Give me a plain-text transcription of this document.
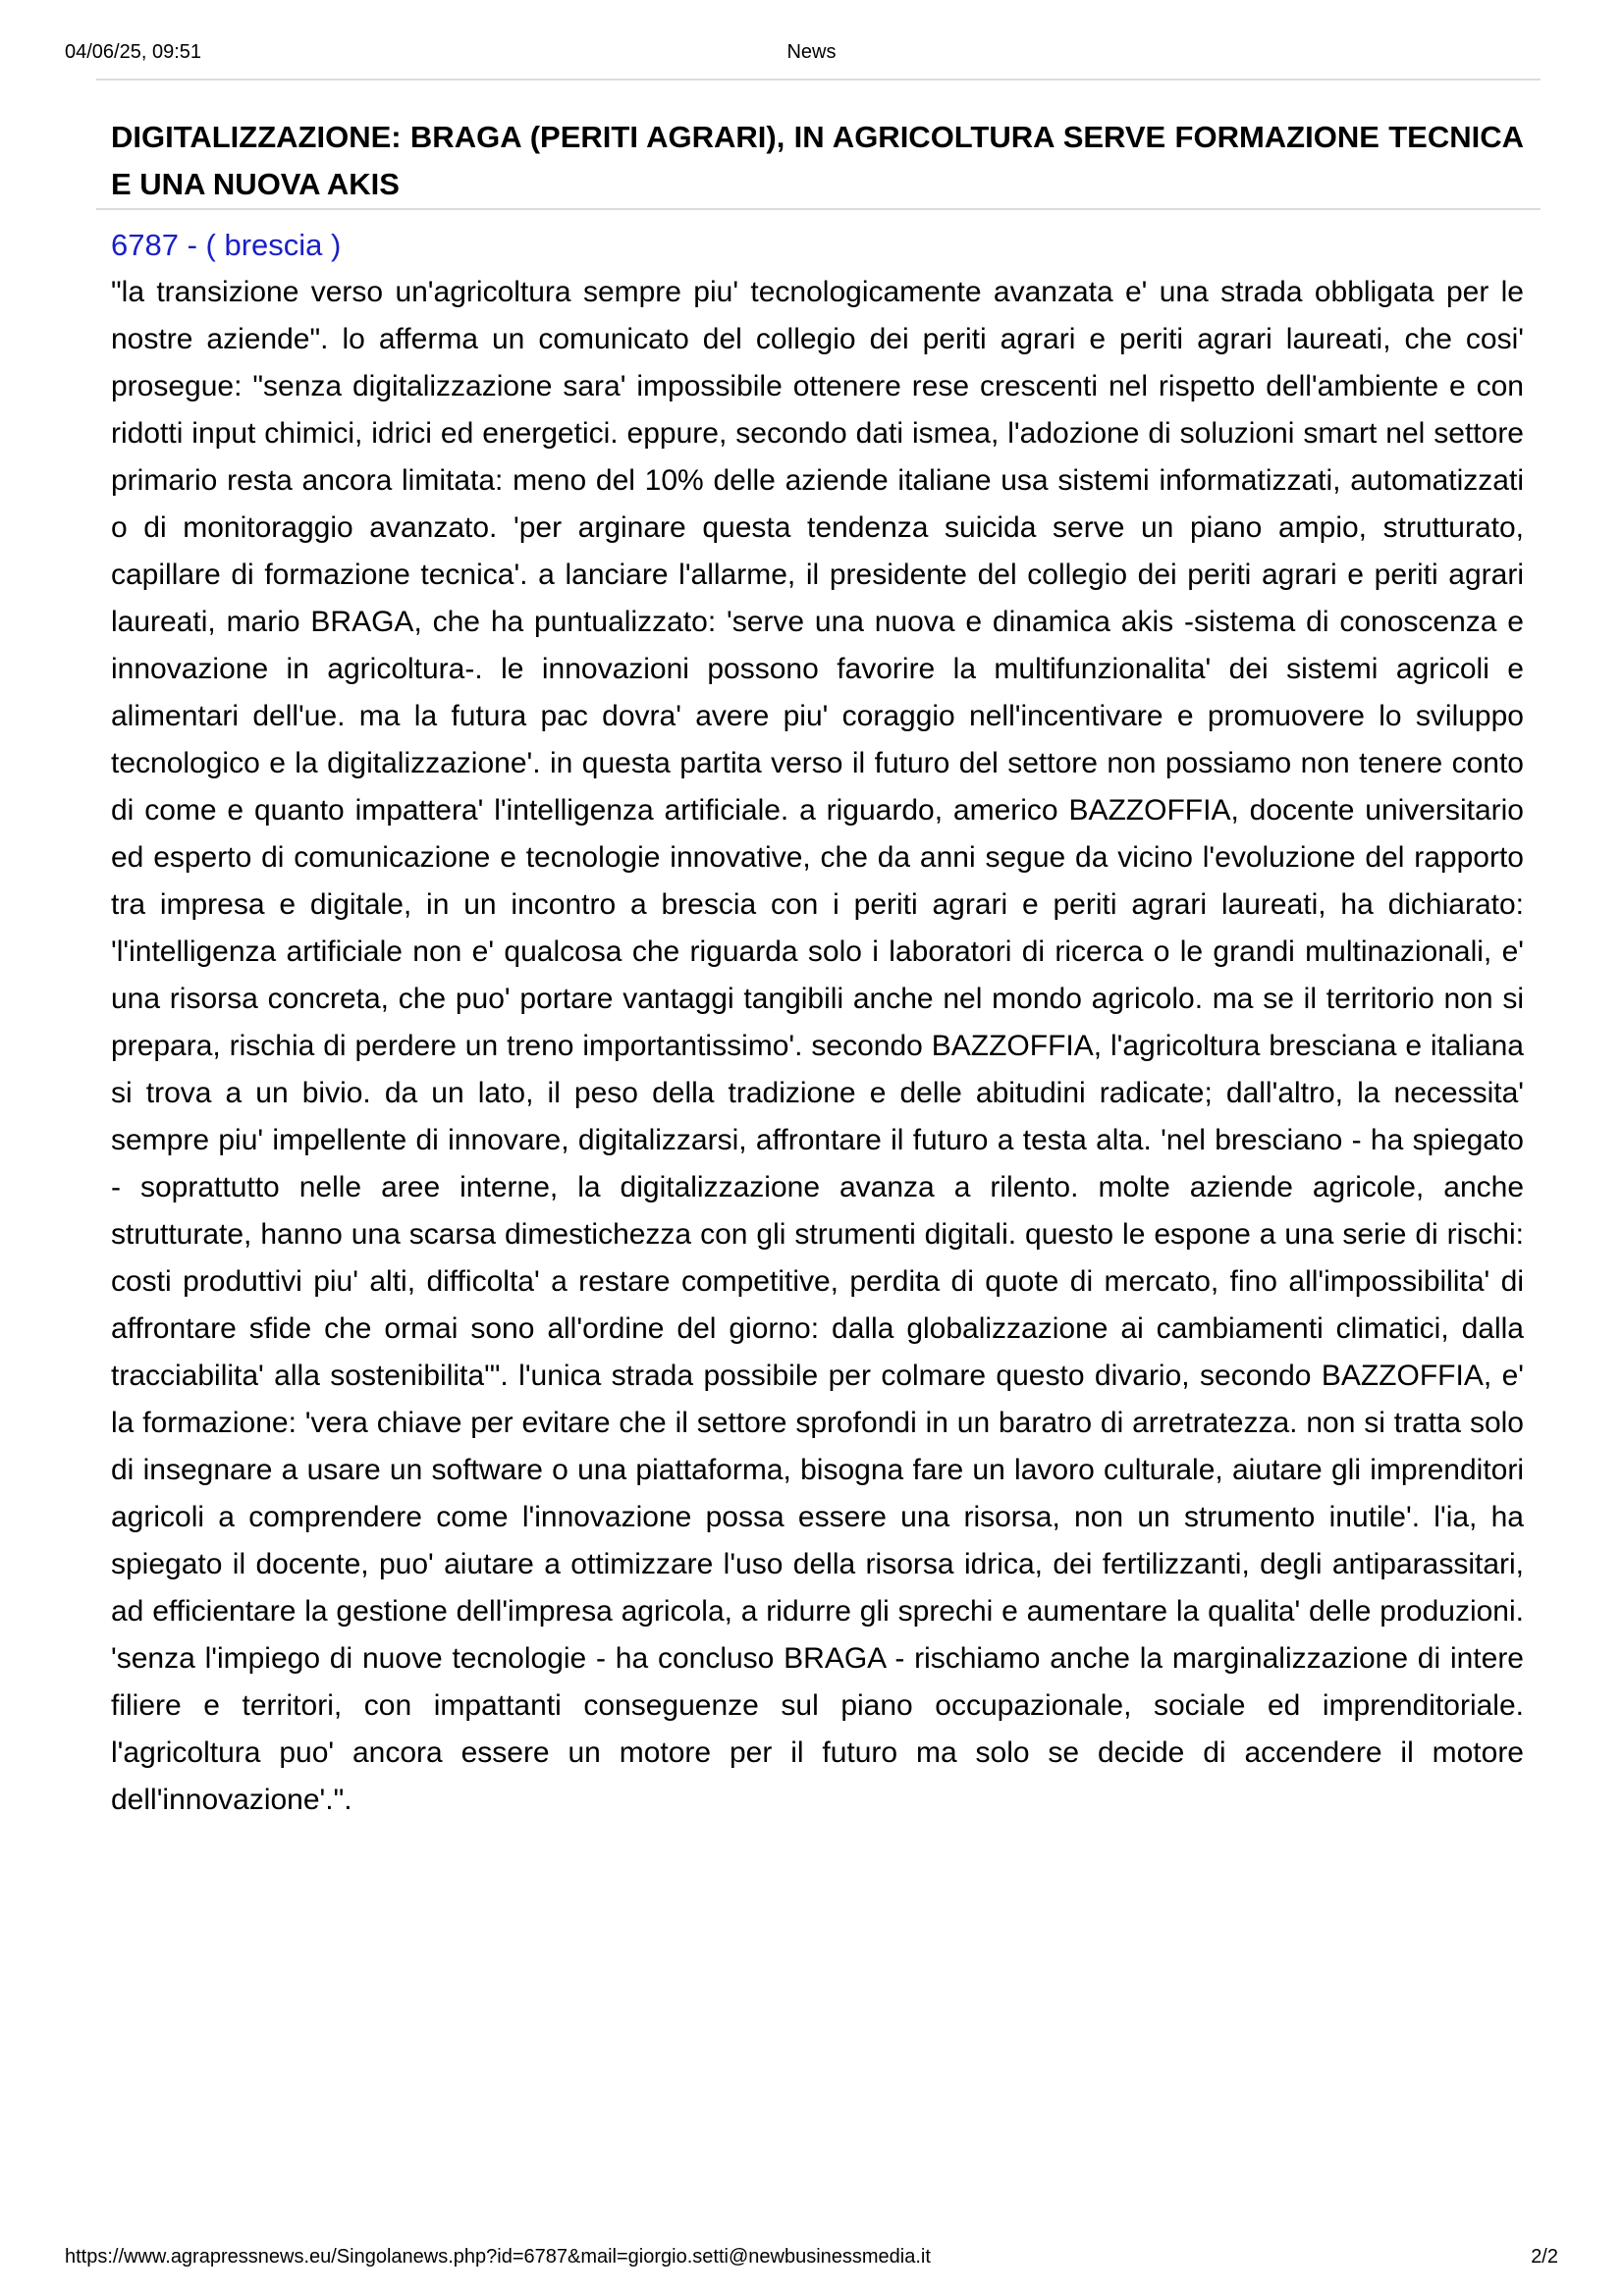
04/06/25, 09:51	News
DIGITALIZZAZIONE: BRAGA (PERITI AGRARI), IN AGRICOLTURA SERVE FORMAZIONE TECNICA E UNA NUOVA AKIS
6787 - ( brescia )

"la transizione verso un'agricoltura sempre piu' tecnologicamente avanzata e' una strada obbligata per le nostre aziende". lo afferma un comunicato del collegio dei periti agrari e periti agrari laureati, che cosi' prosegue: "senza digitalizzazione sara' impossibile ottenere rese crescenti nel rispetto dell'ambiente e con ridotti input chimici, idrici ed energetici. eppure, secondo dati ismea, l'adozione di soluzioni smart nel settore primario resta ancora limitata: meno del 10% delle aziende italiane usa sistemi informatizzati, automatizzati o di monitoraggio avanzato. 'per arginare questa tendenza suicida serve un piano ampio, strutturato, capillare di formazione tecnica'. a lanciare l'allarme, il presidente del collegio dei periti agrari e periti agrari laureati, mario BRAGA, che ha puntualizzato: 'serve una nuova e dinamica akis -sistema di conoscenza e innovazione in agricoltura-. le innovazioni possono favorire la multifunzionalita' dei sistemi agricoli e alimentari dell'ue. ma la futura pac dovra' avere piu' coraggio nell'incentivare e promuovere lo sviluppo tecnologico e la digitalizzazione'. in questa partita verso il futuro del settore non possiamo non tenere conto di come e quanto impattera' l'intelligenza artificiale. a riguardo, americo BAZZOFFIA, docente universitario ed esperto di comunicazione e tecnologie innovative, che da anni segue da vicino l'evoluzione del rapporto tra impresa e digitale, in un incontro a brescia con i periti agrari e periti agrari laureati, ha dichiarato: 'l'intelligenza artificiale non e' qualcosa che riguarda solo i laboratori di ricerca o le grandi multinazionali, e' una risorsa concreta, che puo' portare vantaggi tangibili anche nel mondo agricolo. ma se il territorio non si prepara, rischia di perdere un treno importantissimo'. secondo BAZZOFFIA, l'agricoltura bresciana e italiana si trova a un bivio. da un lato, il peso della tradizione e delle abitudini radicate; dall'altro, la necessita' sempre piu' impellente di innovare, digitalizzarsi, affrontare il futuro a testa alta. 'nel bresciano - ha spiegato - soprattutto nelle aree interne, la digitalizzazione avanza a rilento. molte aziende agricole, anche strutturate, hanno una scarsa dimestichezza con gli strumenti digitali. questo le espone a una serie di rischi: costi produttivi piu' alti, difficolta' a restare competitive, perdita di quote di mercato, fino all'impossibilita' di affrontare sfide che ormai sono all'ordine del giorno: dalla globalizzazione ai cambiamenti climatici, dalla tracciabilita' alla sostenibilita'". l'unica strada possibile per colmare questo divario, secondo BAZZOFFIA, e' la formazione: 'vera chiave per evitare che il settore sprofondi in un baratro di arretratezza. non si tratta solo di insegnare a usare un software o una piattaforma, bisogna fare un lavoro culturale, aiutare gli imprenditori agricoli a comprendere come l'innovazione possa essere una risorsa, non un strumento inutile'. l'ia, ha spiegato il docente, puo' aiutare a ottimizzare l'uso della risorsa idrica, dei fertilizzanti, degli antiparassitari, ad efficientare la gestione dell'impresa agricola, a ridurre gli sprechi e aumentare la qualita' delle produzioni. 'senza l'impiego di nuove tecnologie - ha concluso BRAGA - rischiamo anche la marginalizzazione di intere filiere e territori, con impattanti conseguenze sul piano occupazionale, sociale ed imprenditoriale. l'agricoltura puo' ancora essere un motore per il futuro ma solo se decide di accendere il motore dell'innovazione'.".

https://www.agrapressnews.eu/Singolanews.php?id=6787&mail=giorgio.setti@newbusinessmedia.it	2/2
